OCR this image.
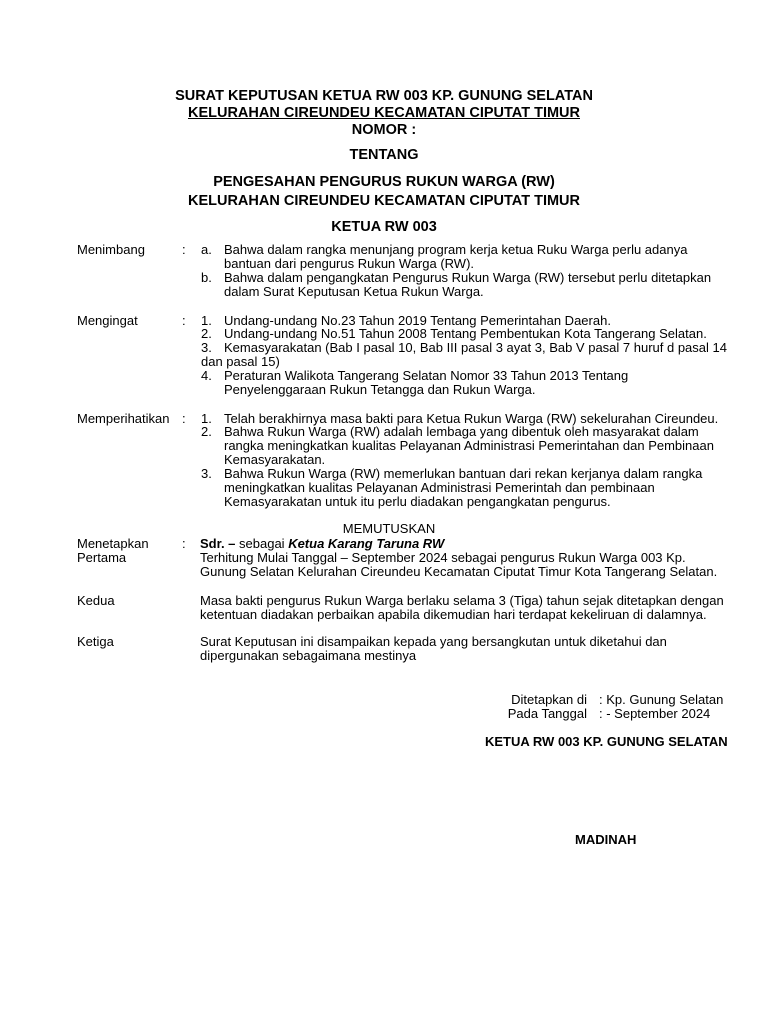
SURAT KEPUTUSAN KETUA RW 003 KP. GUNUNG SELATAN
KELURAHAN CIREUNDEU KECAMATAN CIPUTAT TIMUR
NOMOR :
TENTANG
PENGESAHAN PENGURUS RUKUN WARGA (RW)
KELURAHAN CIREUNDEU KECAMATAN CIPUTAT TIMUR
KETUA RW 003
Menimbang	: a. Bahwa dalam rangka menunjang program kerja ketua Ruku Warga perlu adanya
bantuan dari pengurus Rukun Warga (RW).
b. Bahwa dalam pengangkatan Pengurus Rukun Warga (RW) tersebut perlu ditetapkan
dalam Surat Keputusan Ketua Rukun Warga.
Mengingat	: 1. Undang-undang No.23 Tahun 2019 Tentang Pemerintahan Daerah.
2. Undang-undang No.51 Tahun 2008 Tentang Pembentukan Kota Tangerang Selatan.
3. Kemasyarakatan (Bab I pasal 10, Bab III pasal 3 ayat 3, Bab V pasal 7 huruf d pasal 14
dan pasal 15)
4. Peraturan Walikota Tangerang Selatan Nomor 33 Tahun 2013 Tentang
Penyelenggaraan Rukun Tetangga dan Rukun Warga.
Memperihatikan : 1. Telah berakhirnya masa bakti para Ketua Rukun Warga (RW) sekelurahan Cireundeu.
2. Bahwa Rukun Warga (RW) adalah lembaga yang dibentuk oleh masyarakat dalam
rangka meningkatkan kualitas Pelayanan Administrasi Pemerintahan dan Pembinaan
Kemasyarakatan.
3. Bahwa Rukun Warga (RW) memerlukan bantuan dari rekan kerjanya dalam rangka
meningkatkan kualitas Pelayanan Administrasi Pemerintah dan pembinaan
Kemasyarakatan untuk itu perlu diadakan pengangkatan pengurus.
MEMUTUSKAN
Menetapkan
Pertama
: Sdr. – sebagai Ketua Karang Taruna RW
Terhitung Mulai Tanggal – September 2024 sebagai pengurus Rukun Warga 003 Kp.
Gunung Selatan Kelurahan Cireundeu Kecamatan Ciputat Timur Kota Tangerang Selatan.
Kedua	Masa bakti pengurus Rukun Warga berlaku selama 3 (Tiga) tahun sejak ditetapkan dengan
ketentuan diadakan perbaikan apabila dikemudian hari terdapat kekeliruan di dalamnya.
Ketiga	Surat Keputusan ini disampaikan kepada yang bersangkutan untuk diketahui dan
dipergunakan sebagaimana mestinya
Ditetapkan di : Kp. Gunung Selatan
Pada Tanggal : - September 2024
KETUA RW 003 KP. GUNUNG SELATAN
MADINAH
